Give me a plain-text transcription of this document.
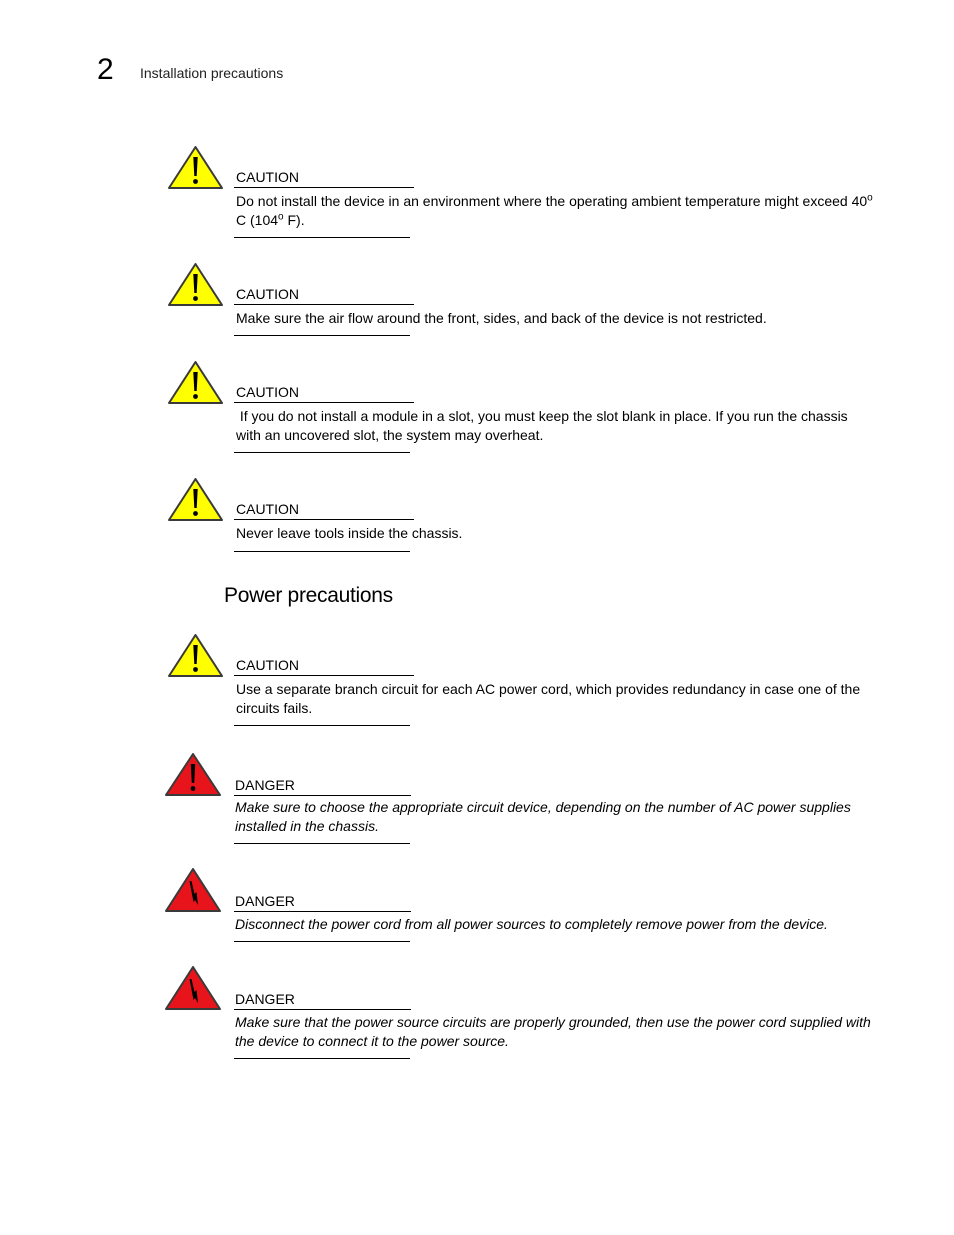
2 Installation precautions
CAUTION
Do not install the device in an environment where the operating ambient temperature might exceed 40$^o$ C (104$^o$ F).
CAUTION
Make sure the air flow around the front, sides, and back of the device is not restricted.
CAUTION
If you do not install a module in a slot, you must keep the slot blank in place. If you run the chassis with an uncovered slot, the system may overheat.
CAUTION
Never leave tools inside the chassis.
Power precautions
CAUTION
Use a separate branch circuit for each AC power cord, which provides redundancy in case one of the circuits fails.
DANGER
Make sure to choose the appropriate circuit device, depending on the number of AC power supplies installed in the chassis.
DANGER
Disconnect the power cord from all power sources to completely remove power from the device.
DANGER
Make sure that the power source circuits are properly grounded, then use the power cord supplied with the device to connect it to the power source.
